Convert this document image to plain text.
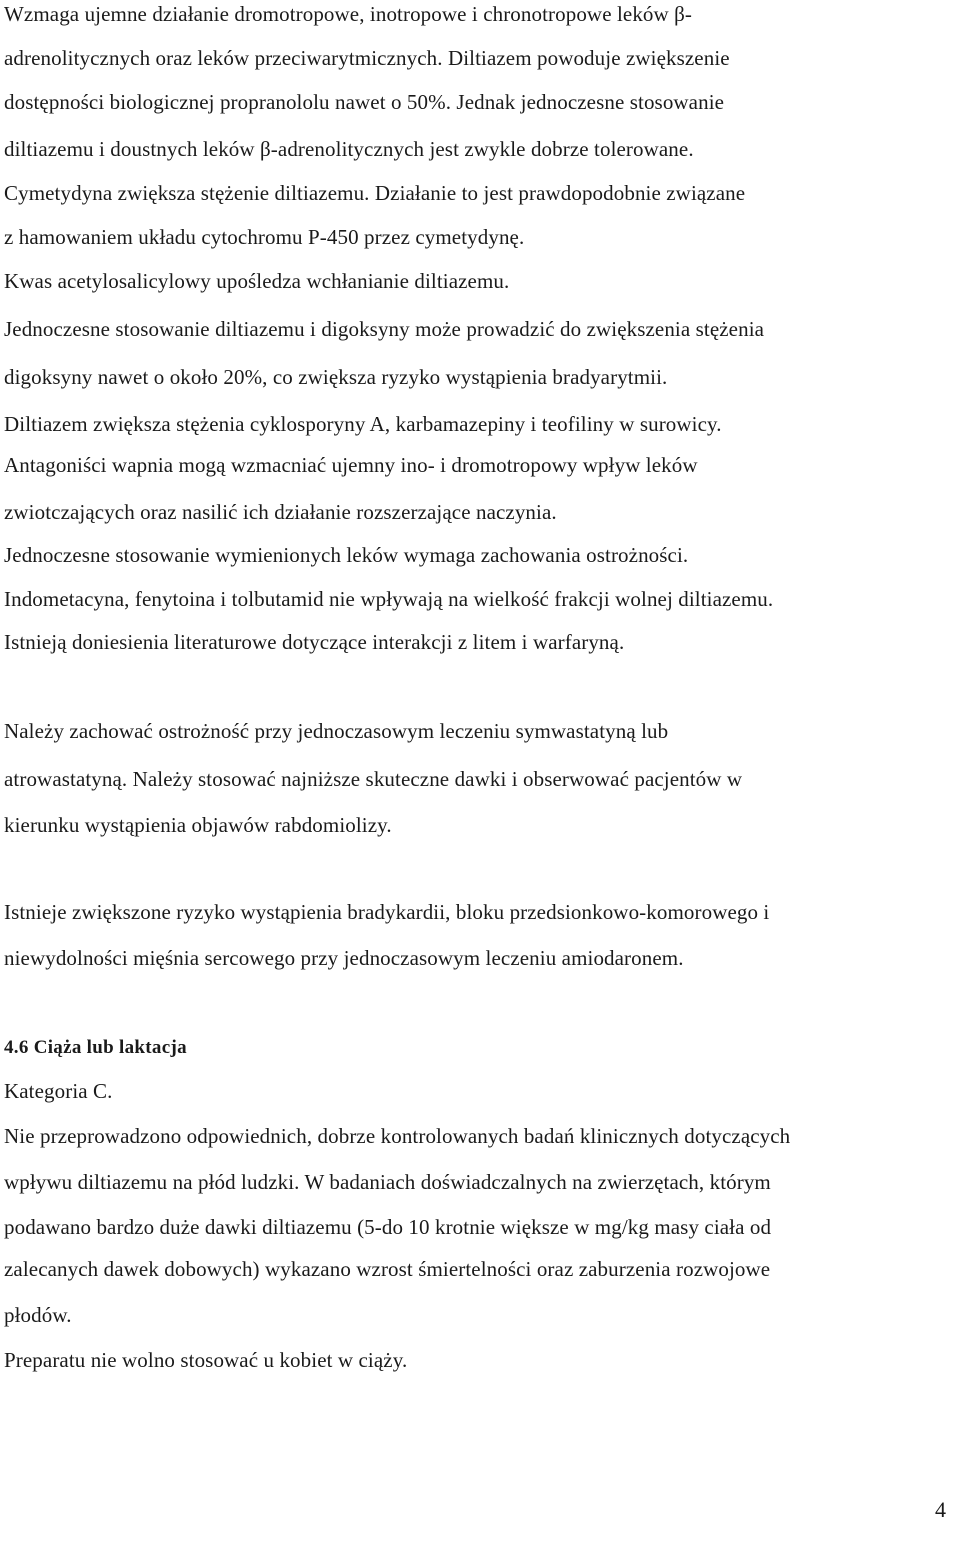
Wzmaga ujemne działanie dromotropowe, inotropowe i chronotropowe leków β-
adrenolitycznych oraz leków przeciwarytmicznych. Diltiazem powoduje zwiększenie
dostępności biologicznej propranololu nawet o 50%. Jednak jednoczesne stosowanie
diltiazemu i doustnych leków β-adrenolitycznych jest zwykle dobrze tolerowane.
Cymetydyna zwiększa stężenie diltiazemu. Działanie to jest prawdopodobnie związane
z hamowaniem układu cytochromu P-450 przez cymetydynę.
Kwas acetylosalicylowy upośledza wchłanianie diltiazemu.
Jednoczesne stosowanie diltiazemu i digoksyny może prowadzić do zwiększenia stężenia
digoksyny nawet o około 20%, co zwiększa ryzyko wystąpienia bradyarytmii.
Diltiazem zwiększa stężenia cyklosporyny A, karbamazepiny i teofiliny w surowicy.
Antagoniści wapnia mogą wzmacniać ujemny ino- i dromotropowy wpływ leków
zwiotczających oraz nasilić ich działanie rozszerzające naczynia.
Jednoczesne stosowanie wymienionych leków wymaga zachowania ostrożności.
Indometacyna, fenytoina i tolbutamid nie wpływają na wielkość frakcji wolnej diltiazemu.
Istnieją doniesienia literaturowe dotyczące interakcji z litem i warfaryną.
Należy zachować ostrożność przy jednoczasowym leczeniu symwastatyną lub
atrowastatyną. Należy stosować najniższe skuteczne dawki i obserwować pacjentów w
kierunku wystąpienia objawów rabdomiolizy.
Istnieje zwiększone ryzyko wystąpienia bradykardii, bloku przedsionkowo-komorowego i
niewydolności mięśnia sercowego przy jednoczasowym leczeniu amiodaronem.
4.6 Ciąża lub laktacja
Kategoria C.
Nie przeprowadzono odpowiednich, dobrze kontrolowanych badań klinicznych dotyczących
wpływu diltiazemu na płód ludzki. W badaniach doświadczalnych na zwierzętach, którym
podawano bardzo duże dawki diltiazemu (5-do 10 krotnie większe w mg/kg masy ciała od
zalecanych dawek dobowych) wykazano wzrost śmiertelności oraz zaburzenia rozwojowe
płodów.
Preparatu nie wolno stosować u kobiet w ciąży.
4
